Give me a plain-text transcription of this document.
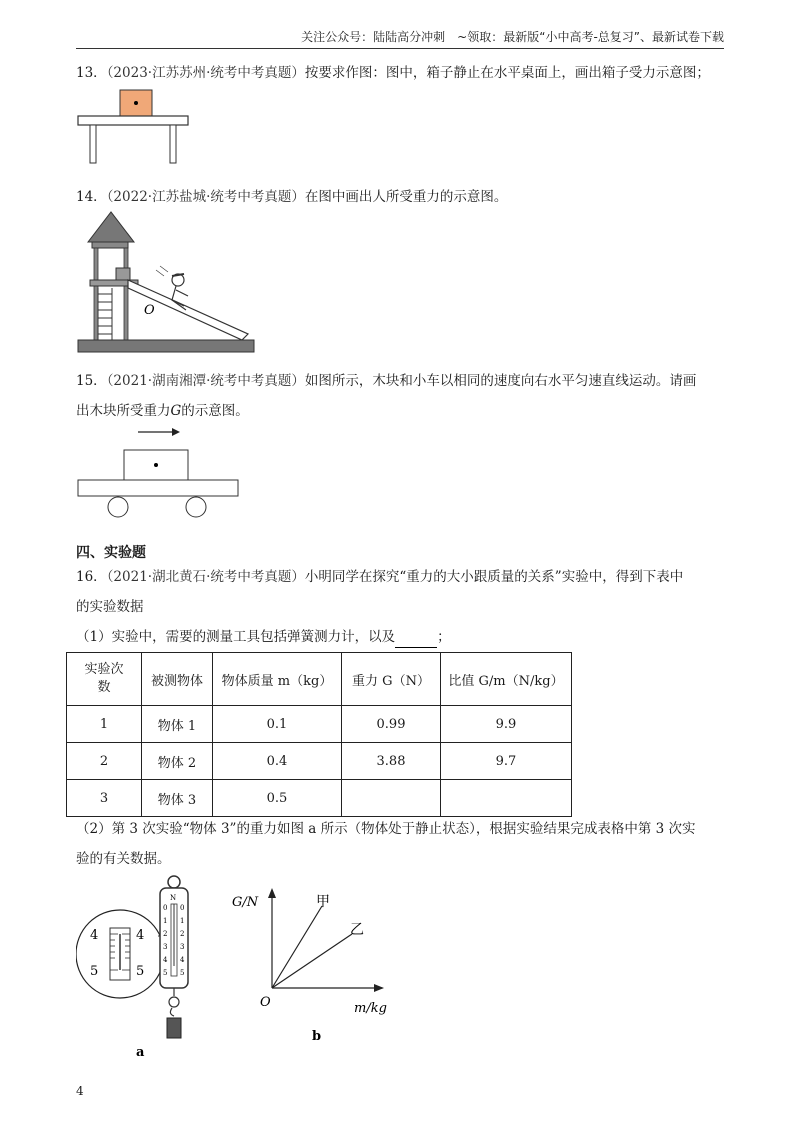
关注公众号：陆陆高分冲刺　~领取：最新版“小中高考-总复习”、最新试卷下载
13．（2023·江苏苏州·统考中考真题）按要求作图：图中，箱子静止在水平桌面上，画出箱子受力示意图；
14．（2022·江苏盐城·统考中考真题）在图中画出人所受重力的示意图。
O
15．（2021·湖南湘潭·统考中考真题）如图所示，木块和小车以相同的速度向右水平匀速直线运动。请画
出木块所受重力G的示意图。
四、实验题
16．（2021·湖北黄石·统考中考真题）小明同学在探究“重力的大小跟质量的关系”实验中，得到下表中
的实验数据
（1）实验中，需要的测量工具包括弹簧测力计，以及	；
实验次数	被测物体	物体质量 m（kg）	重力 G（N）	比值 G/m（N/kg）
1	物体 1	0.1	0.99	9.9
2	物体 2	0.4	3.88	9.7
3	物体 3	0.5		
（2）第 3 次实验“物体 3”的重力如图 a 所示（物体处于静止状态），根据实验结果完成表格中第 3 次实
验的有关数据。
4
5
4
5
N
0
1
2
3
4
5
0
1
2
3
4
5
a
G/N
m/kg
O
甲
乙
b
4
